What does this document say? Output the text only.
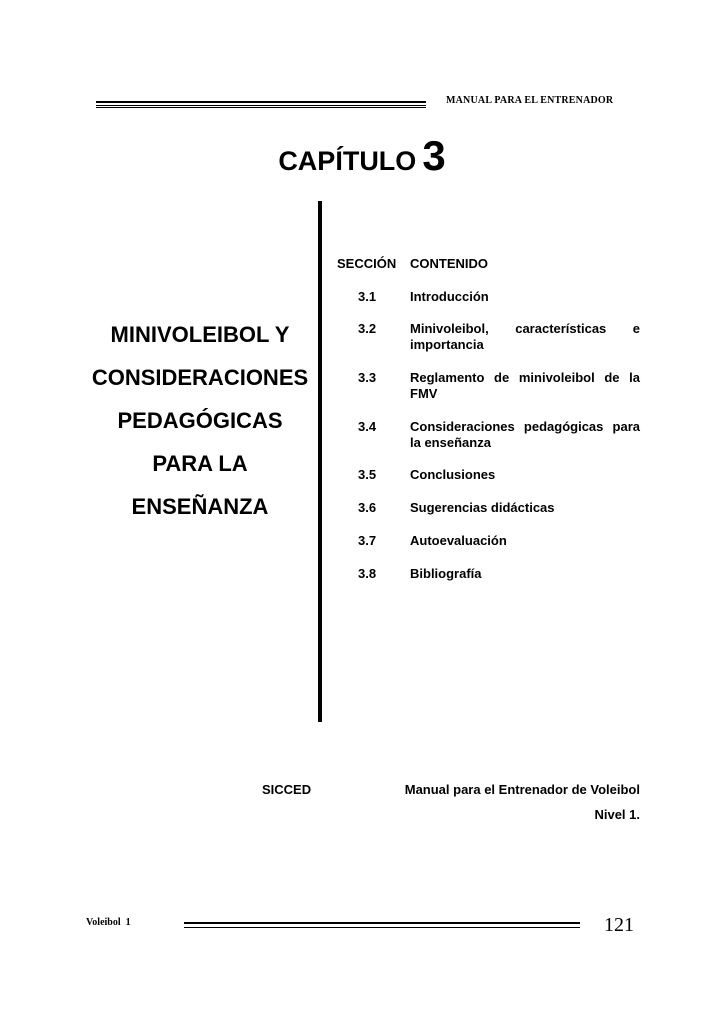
MANUAL PARA EL ENTRENADOR
CAPÍTULO 3
MINIVOLEIBOL Y
CONSIDERACIONES
PEDAGÓGICAS
PARA LA
ENSEÑANZA
SECCIÓN CONTENIDO
3.1	Introducción
3.2	Minivoleibol, características e importancia
3.3	Reglamento de minivoleibol de la FMV
3.4	Consideraciones pedagógicas para la enseñanza
3.5	Conclusiones
3.6	Sugerencias didácticas
3.7	Autoevaluación
3.8	Bibliografía
SICCED	Manual para el Entrenador de Voleibol
Nivel 1.
Voleibol  1	121
